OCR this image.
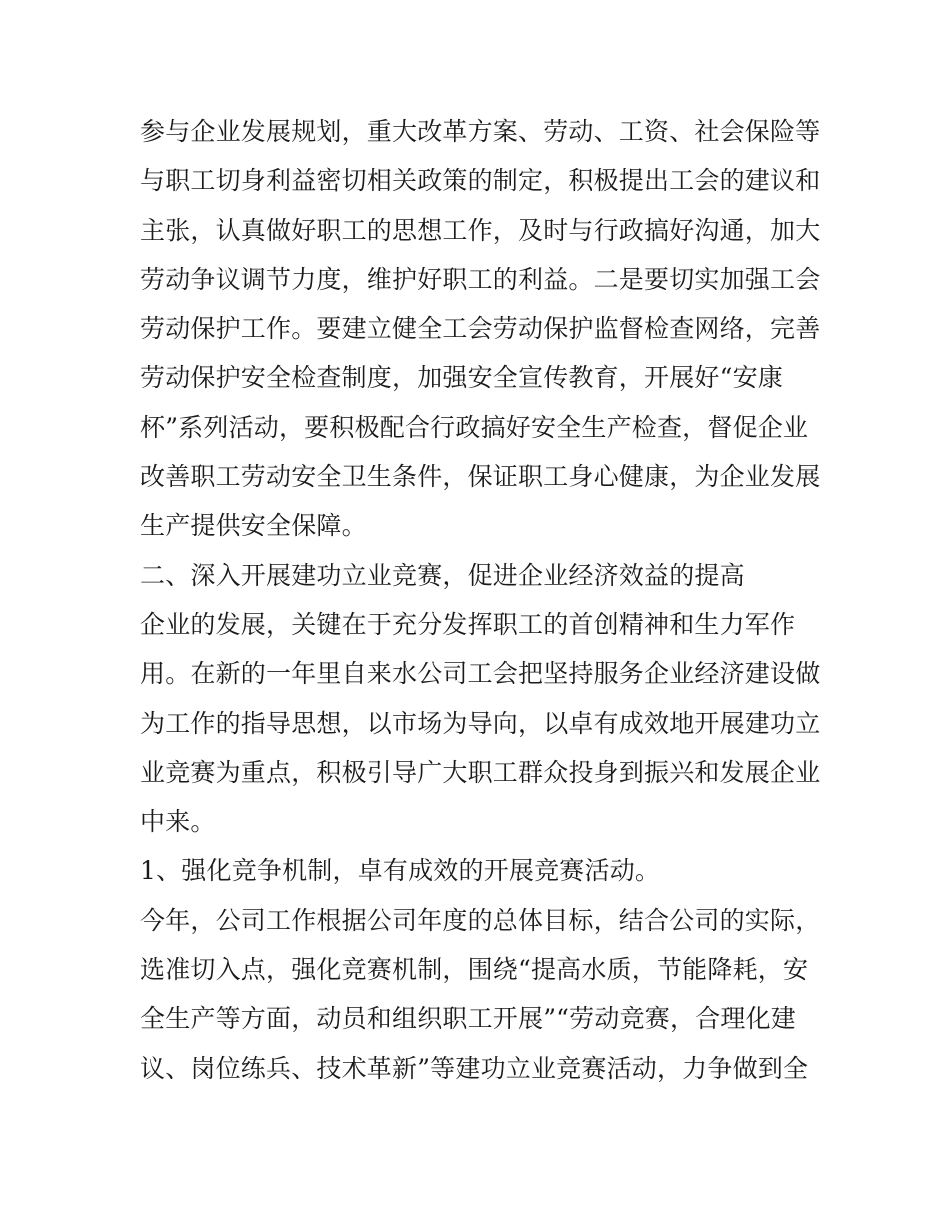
参与企业发展规划，重大改革方案、劳动、工资、社会保险等
与职工切身利益密切相关政策的制定，积极提出工会的建议和
主张，认真做好职工的思想工作，及时与行政搞好沟通，加大
劳动争议调节力度，维护好职工的利益。二是要切实加强工会
劳动保护工作。要建立健全工会劳动保护监督检查网络，完善
劳动保护安全检查制度，加强安全宣传教育，开展好“安康
杯”系列活动，要积极配合行政搞好安全生产检查，督促企业
改善职工劳动安全卫生条件，保证职工身心健康，为企业发展
生产提供安全保障。
二、深入开展建功立业竞赛，促进企业经济效益的提高
企业的发展，关键在于充分发挥职工的首创精神和生力军作
用。在新的一年里自来水公司工会把坚持服务企业经济建设做
为工作的指导思想，以市场为导向，以卓有成效地开展建功立
业竞赛为重点，积极引导广大职工群众投身到振兴和发展企业
中来。
1、强化竞争机制，卓有成效的开展竞赛活动。
今年，公司工作根据公司年度的总体目标，结合公司的实际，
选准切入点，强化竞赛机制，围绕“提高水质，节能降耗，安
全生产等方面，动员和组织职工开展”“劳动竞赛，合理化建
议、岗位练兵、技术革新”等建功立业竞赛活动，力争做到全
